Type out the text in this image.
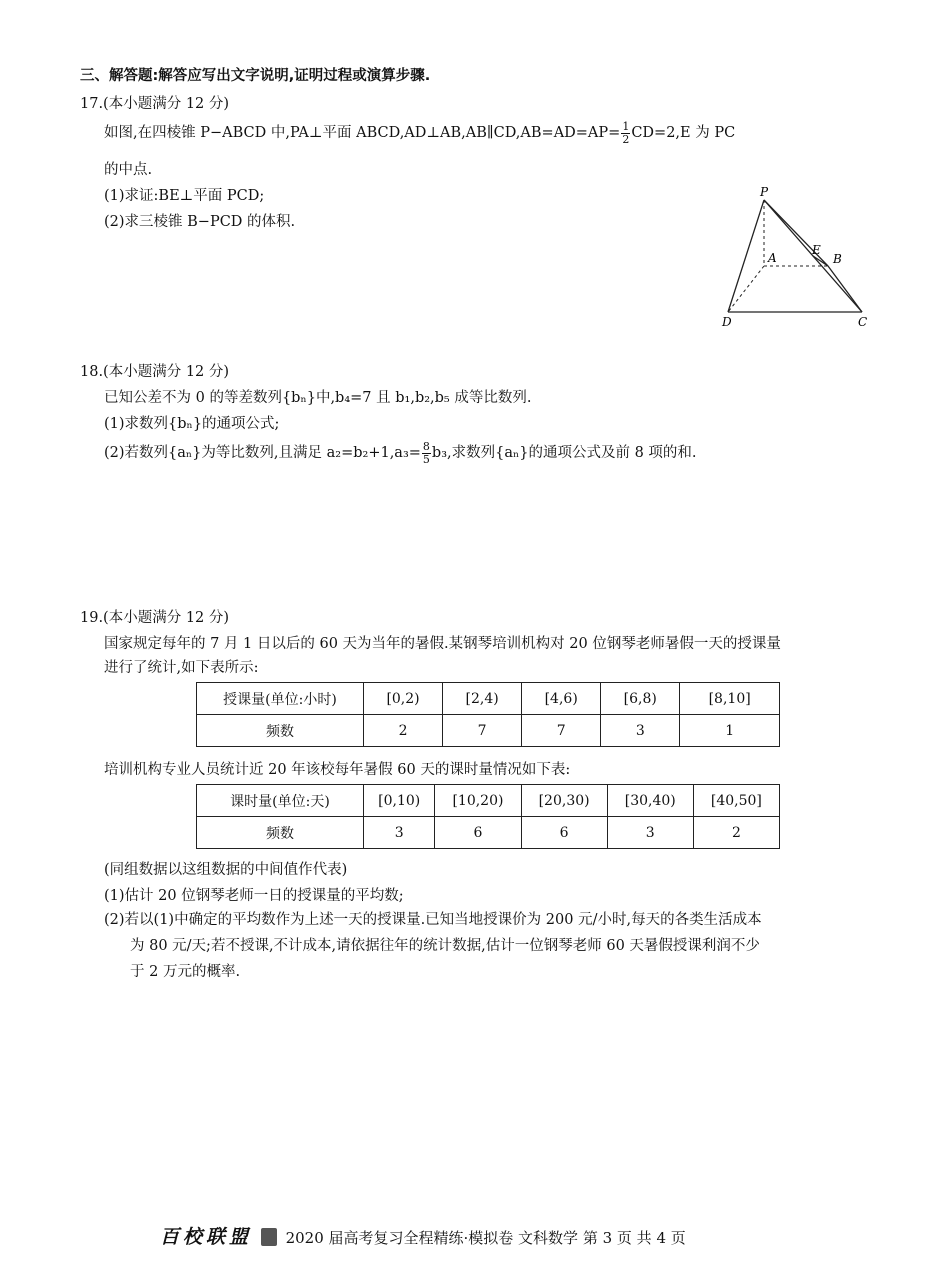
三、解答题:解答应写出文字说明,证明过程或演算步骤.
17.(本小题满分 12 分)
如图,在四棱锥 P−ABCD 中,PA⊥平面 ABCD,AD⊥AB,AB∥CD,AB=AD=AP= $\frac{1}{2} CD=2,E$ 为 PC
的中点.
(1)求证:BE⊥平面 PCD;
(2)求三棱锥 B−PCD 的体积.
P
A	B
C
D
E
18.(本小题满分 12 分)
已知公差不为 0 的等差数列{bₙ}中,b₄=7 且 b₁,b₂,b₅ 成等比数列.
(1)求数列{bₙ}的通项公式;
(2)若数列{aₙ}为等比数列,且满足 $a_2=b_2+1,a_3= \frac{8}{5} b_3$,求数列{aₙ}的通项公式及前 8 项的和.
19.(本小题满分 12 分)
国家规定每年的 7 月 1 日以后的 60 天为当年的暑假.某钢琴培训机构对 20 位钢琴老师暑假一天的授课量
进行了统计,如下表所示:
授课量(单位:小时)	[0,2)	[2,4)	[4,6)	[6,8)	[8,10]
频数	2	7	7	3	1
培训机构专业人员统计近 20 年该校每年暑假 60 天的课时量情况如下表:
课时量(单位:天)	[0,10)	[10,20)	[20,30)	[30,40)	[40,50]
频数	3	6	6	3	2
(同组数据以这组数据的中间值作代表)
(1)估计 20 位钢琴老师一日的授课量的平均数;
(2)若以(1)中确定的平均数作为上述一天的授课量.已知当地授课价为 200 元/小时,每天的各类生活成本
为 80 元/天;若不授课,不计成本,请依据往年的统计数据,估计一位钢琴老师 60 天暑假授课利润不少
于 2 万元的概率.
百校联盟 2020 届高考复习全程精练·模拟卷 文科数学 第 3 页 共 4 页
